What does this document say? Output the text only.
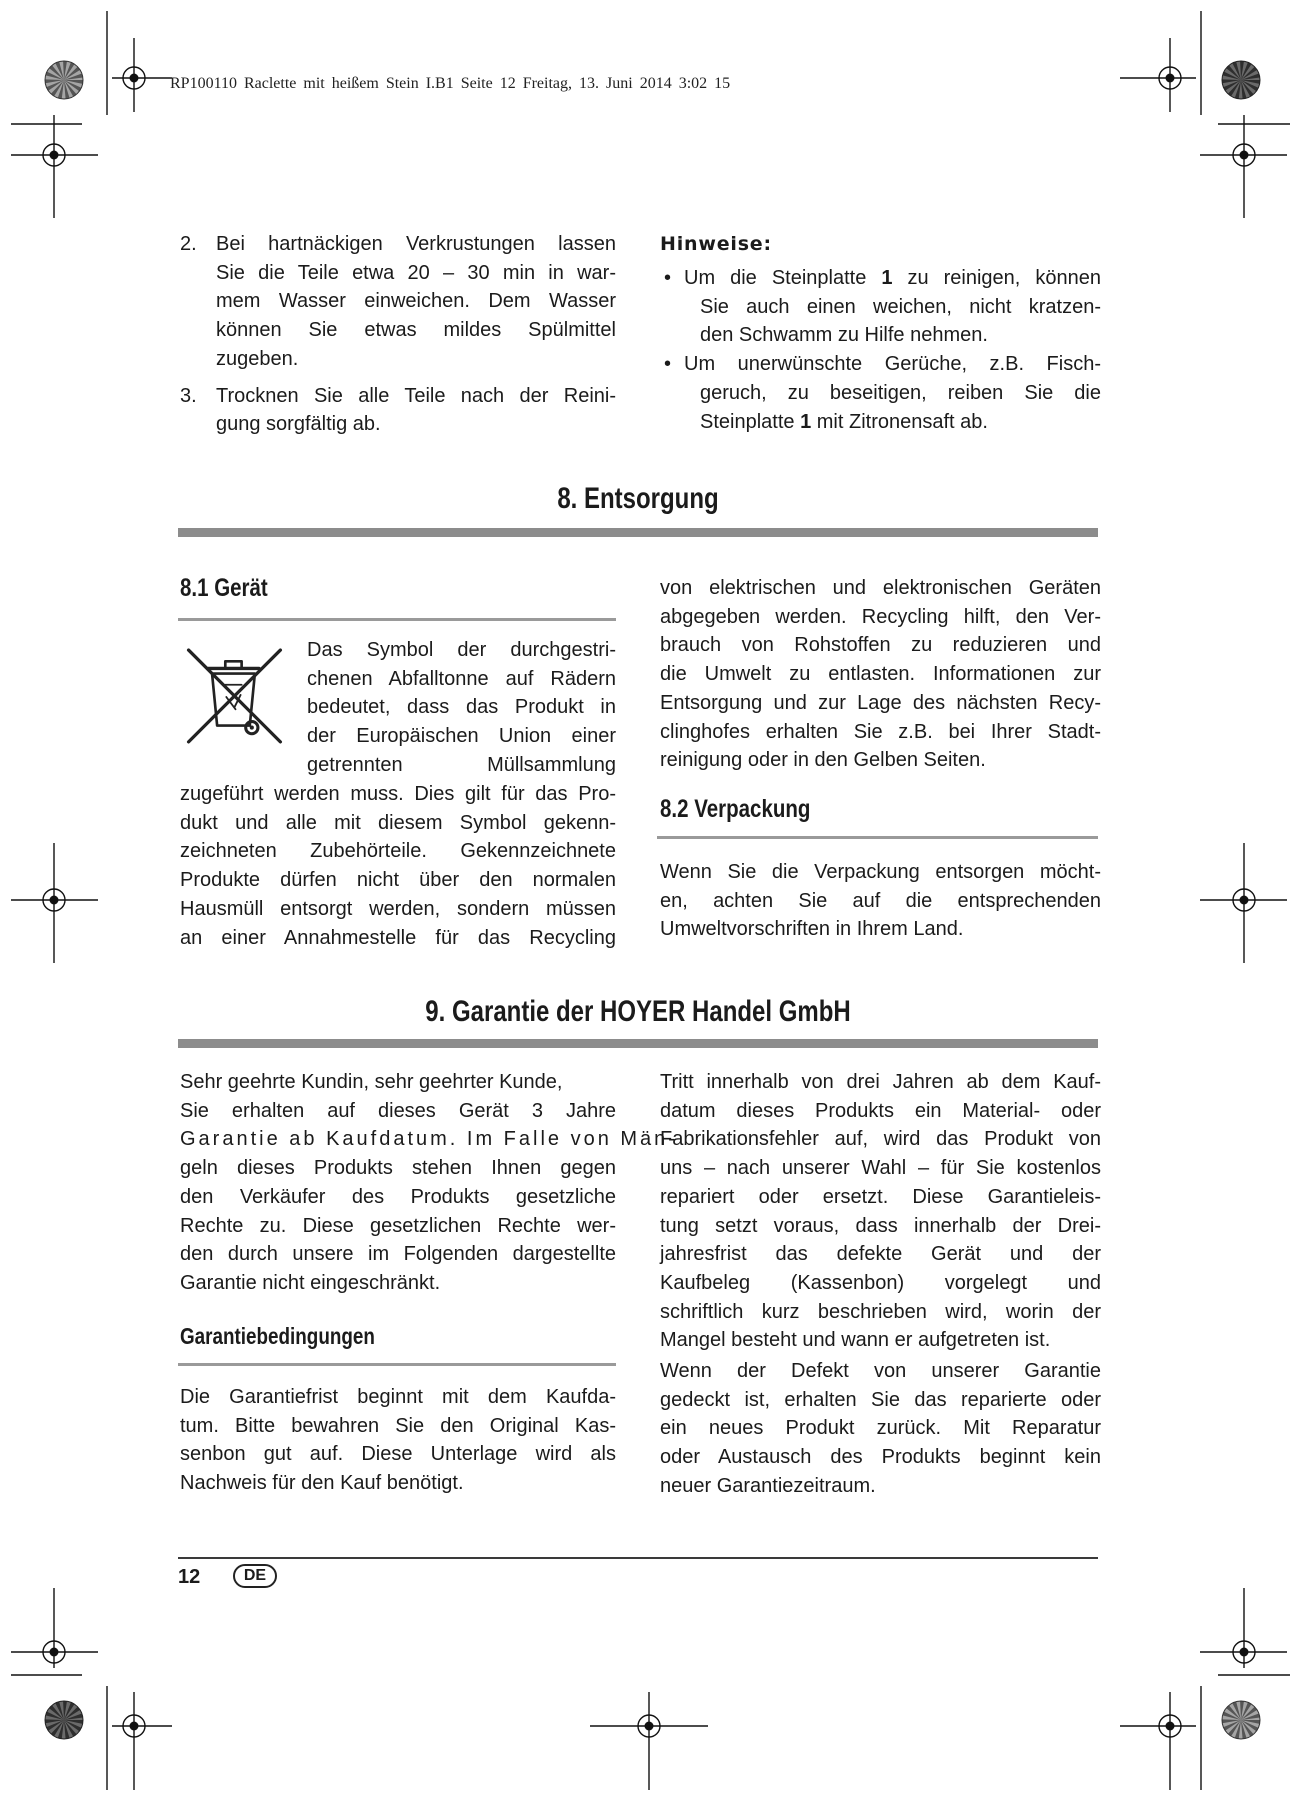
RP100110 Raclette mit heißem Stein I.B1 Seite 12 Freitag, 13. Juni 2014 3:02 15
2. Bei hartnäckigen Verkrustungen lassen
Sie die Teile etwa 20 – 30 min in war-
mem Wasser einweichen. Dem Wasser
können Sie etwas mildes Spülmittel
zugeben.
3. Trocknen Sie alle Teile nach der Reini-
gung sorgfältig ab.
Hinweise:
• Um die Steinplatte 1 zu reinigen, können
Sie auch einen weichen, nicht kratzen-
den Schwamm zu Hilfe nehmen.
• Um unerwünschte Gerüche, z.B. Fisch-
geruch, zu beseitigen, reiben Sie die
Steinplatte 1 mit Zitronensaft ab.
8. Entsorgung
8.1 Gerät
Das Symbol der durchgestri-
chenen Abfalltonne auf Rädern
bedeutet, dass das Produkt in
der Europäischen Union einer
getrennten Müllsammlung
zugeführt werden muss. Dies gilt für das Pro-
dukt und alle mit diesem Symbol gekenn-
zeichneten Zubehörteile. Gekennzeichnete
Produkte dürfen nicht über den normalen
Hausmüll entsorgt werden, sondern müssen
an einer Annahmestelle für das Recycling
von elektrischen und elektronischen Geräten
abgegeben werden. Recycling hilft, den Ver-
brauch von Rohstoffen zu reduzieren und
die Umwelt zu entlasten. Informationen zur
Entsorgung und zur Lage des nächsten Recy-
clinghofes erhalten Sie z.B. bei Ihrer Stadt-
reinigung oder in den Gelben Seiten.
8.2 Verpackung
Wenn Sie die Verpackung entsorgen möcht-
en, achten Sie auf die entsprechenden
Umweltvorschriften in Ihrem Land.
9. Garantie der HOYER Handel GmbH
Sehr geehrte Kundin, sehr geehrter Kunde,
Sie erhalten auf dieses Gerät 3 Jahre
Garantie ab Kaufdatum. Im Falle von Män-
geln dieses Produkts stehen Ihnen gegen
den Verkäufer des Produkts gesetzliche
Rechte zu. Diese gesetzlichen Rechte wer-
den durch unsere im Folgenden dargestellte
Garantie nicht eingeschränkt.
Garantiebedingungen
Die Garantiefrist beginnt mit dem Kaufda-
tum. Bitte bewahren Sie den Original Kas-
senbon gut auf. Diese Unterlage wird als
Nachweis für den Kauf benötigt.
Tritt innerhalb von drei Jahren ab dem Kauf-
datum dieses Produkts ein Material- oder
Fabrikationsfehler auf, wird das Produkt von
uns – nach unserer Wahl – für Sie kostenlos
repariert oder ersetzt. Diese Garantieleis-
tung setzt voraus, dass innerhalb der Drei-
jahresfrist das defekte Gerät und der
Kaufbeleg (Kassenbon) vorgelegt und
schriftlich kurz beschrieben wird, worin der
Mangel besteht und wann er aufgetreten ist.
Wenn der Defekt von unserer Garantie
gedeckt ist, erhalten Sie das reparierte oder
ein neues Produkt zurück. Mit Reparatur
oder Austausch des Produkts beginnt kein
neuer Garantiezeitraum.
12	DE
